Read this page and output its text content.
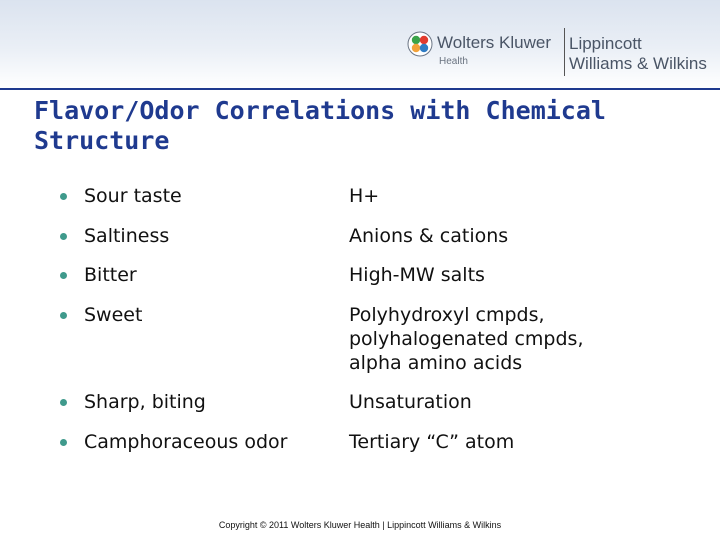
Wolters Kluwer
Health
Lippincott
Williams & Wilkins
Flavor/Odor Correlations with Chemical
Structure
Sour taste	H+
Saltiness	Anions & cations
Bitter	High-MW salts
Sweet	Polyhydroxyl cmpds,
polyhalogenated cmpds,
alpha amino acids
Sharp, biting	Unsaturation
Camphoraceous odor	Tertiary “C” atom
Copyright © 2011 Wolters Kluwer Health | Lippincott Williams & Wilkins
